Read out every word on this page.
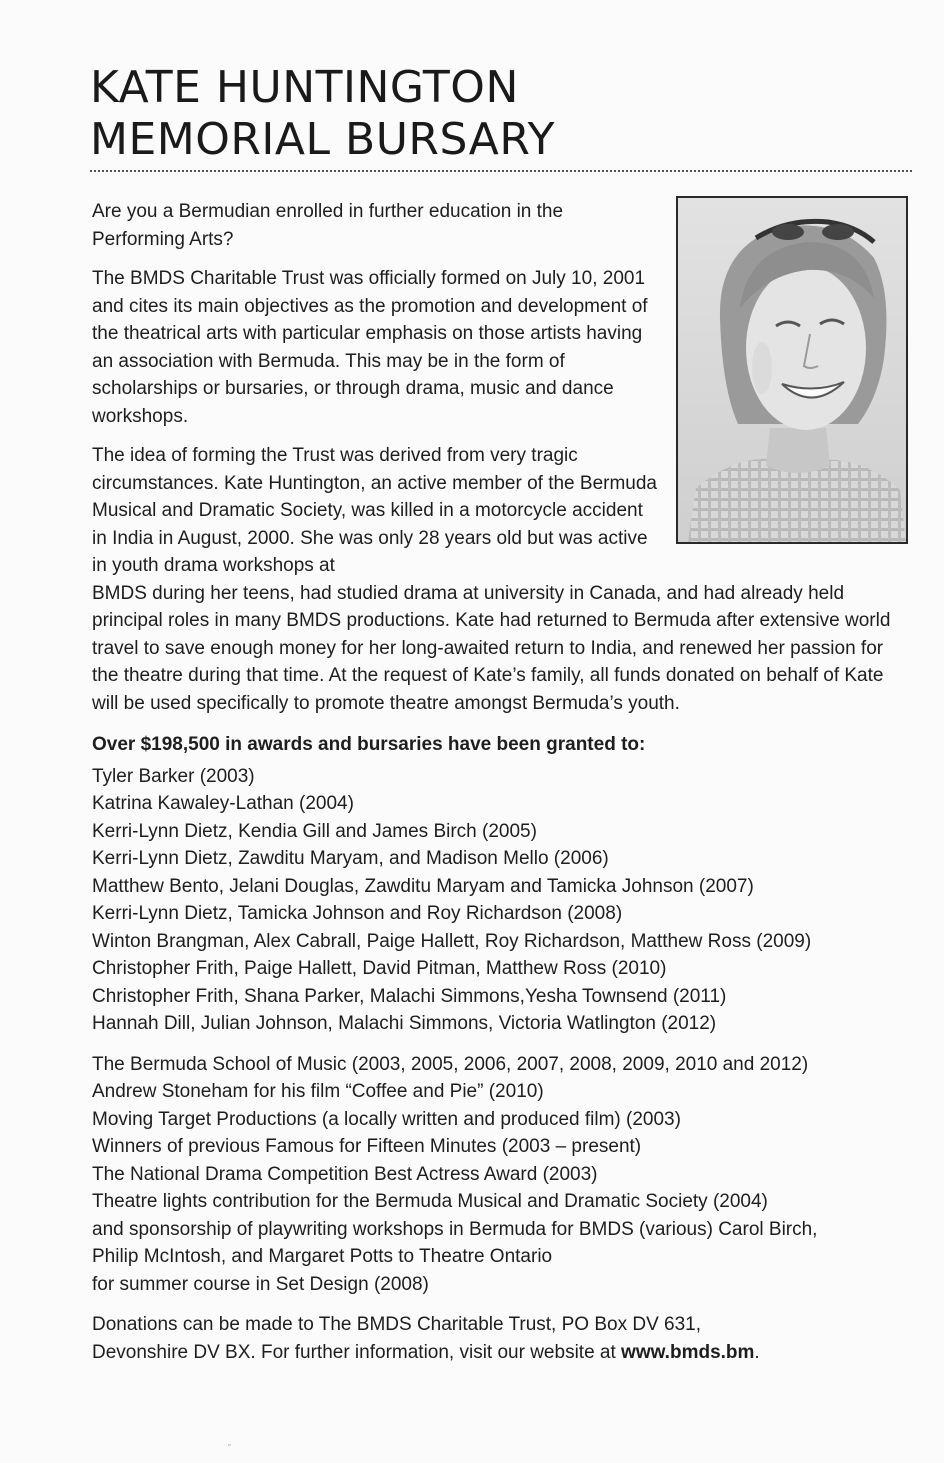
KATE HUNTINGTON
MEMORIAL BURSARY

Are you a Bermudian enrolled in further education in the Performing Arts?

The BMDS Charitable Trust was officially formed on July 10, 2001 and cites its main objectives as the promotion and development of the theatrical arts with particular emphasis on those artists having an association with Bermuda. This may be in the form of scholarships or bursaries, or through drama, music and dance workshops.

The idea of forming the Trust was derived from very tragic circumstances. Kate Huntington, an active member of the Bermuda Musical and Dramatic Society, was killed in a motorcycle accident in India in August, 2000. She was only 28 years old but was active in youth drama workshops at
BMDS during her teens, had studied drama at university in Canada, and had already held principal roles in many BMDS productions. Kate had returned to Bermuda after extensive world travel to save enough money for her long-awaited return to India, and renewed her passion for the theatre during that time. At the request of Kate’s family, all funds donated on behalf of Kate will be used specifically to promote theatre amongst Bermuda’s youth.

Over $198,500 in awards and bursaries have been granted to:

Tyler Barker (2003)
Katrina Kawaley-Lathan (2004)
Kerri-Lynn Dietz, Kendia Gill and James Birch (2005)
Kerri-Lynn Dietz, Zawditu Maryam, and Madison Mello (2006)
Matthew Bento, Jelani Douglas, Zawditu Maryam and Tamicka Johnson (2007)
Kerri-Lynn Dietz, Tamicka Johnson and Roy Richardson (2008)
Winton Brangman, Alex Cabrall, Paige Hallett, Roy Richardson, Matthew Ross (2009)
Christopher Frith, Paige Hallett, David Pitman, Matthew Ross (2010)
Christopher Frith, Shana Parker, Malachi Simmons,Yesha Townsend (2011)
Hannah Dill, Julian Johnson, Malachi Simmons, Victoria Watlington (2012)
The Bermuda School of Music (2003, 2005, 2006, 2007, 2008, 2009, 2010 and 2012)
Andrew Stoneham for his film “Coffee and Pie” (2010)
Moving Target Productions (a locally written and produced film) (2003)
Winners of previous Famous for Fifteen Minutes (2003 – present)
The National Drama Competition Best Actress Award (2003)
Theatre lights contribution for the Bermuda Musical and Dramatic Society (2004)
and sponsorship of playwriting workshops in Bermuda for BMDS (various) Carol Birch,
Philip McIntosh, and Margaret Potts to Theatre Ontario
for summer course in Set Design (2008)

Donations can be made to The BMDS Charitable Trust, PO Box DV 631,
Devonshire DV BX. For further information, visit our website at www.bmds.bm.

″
